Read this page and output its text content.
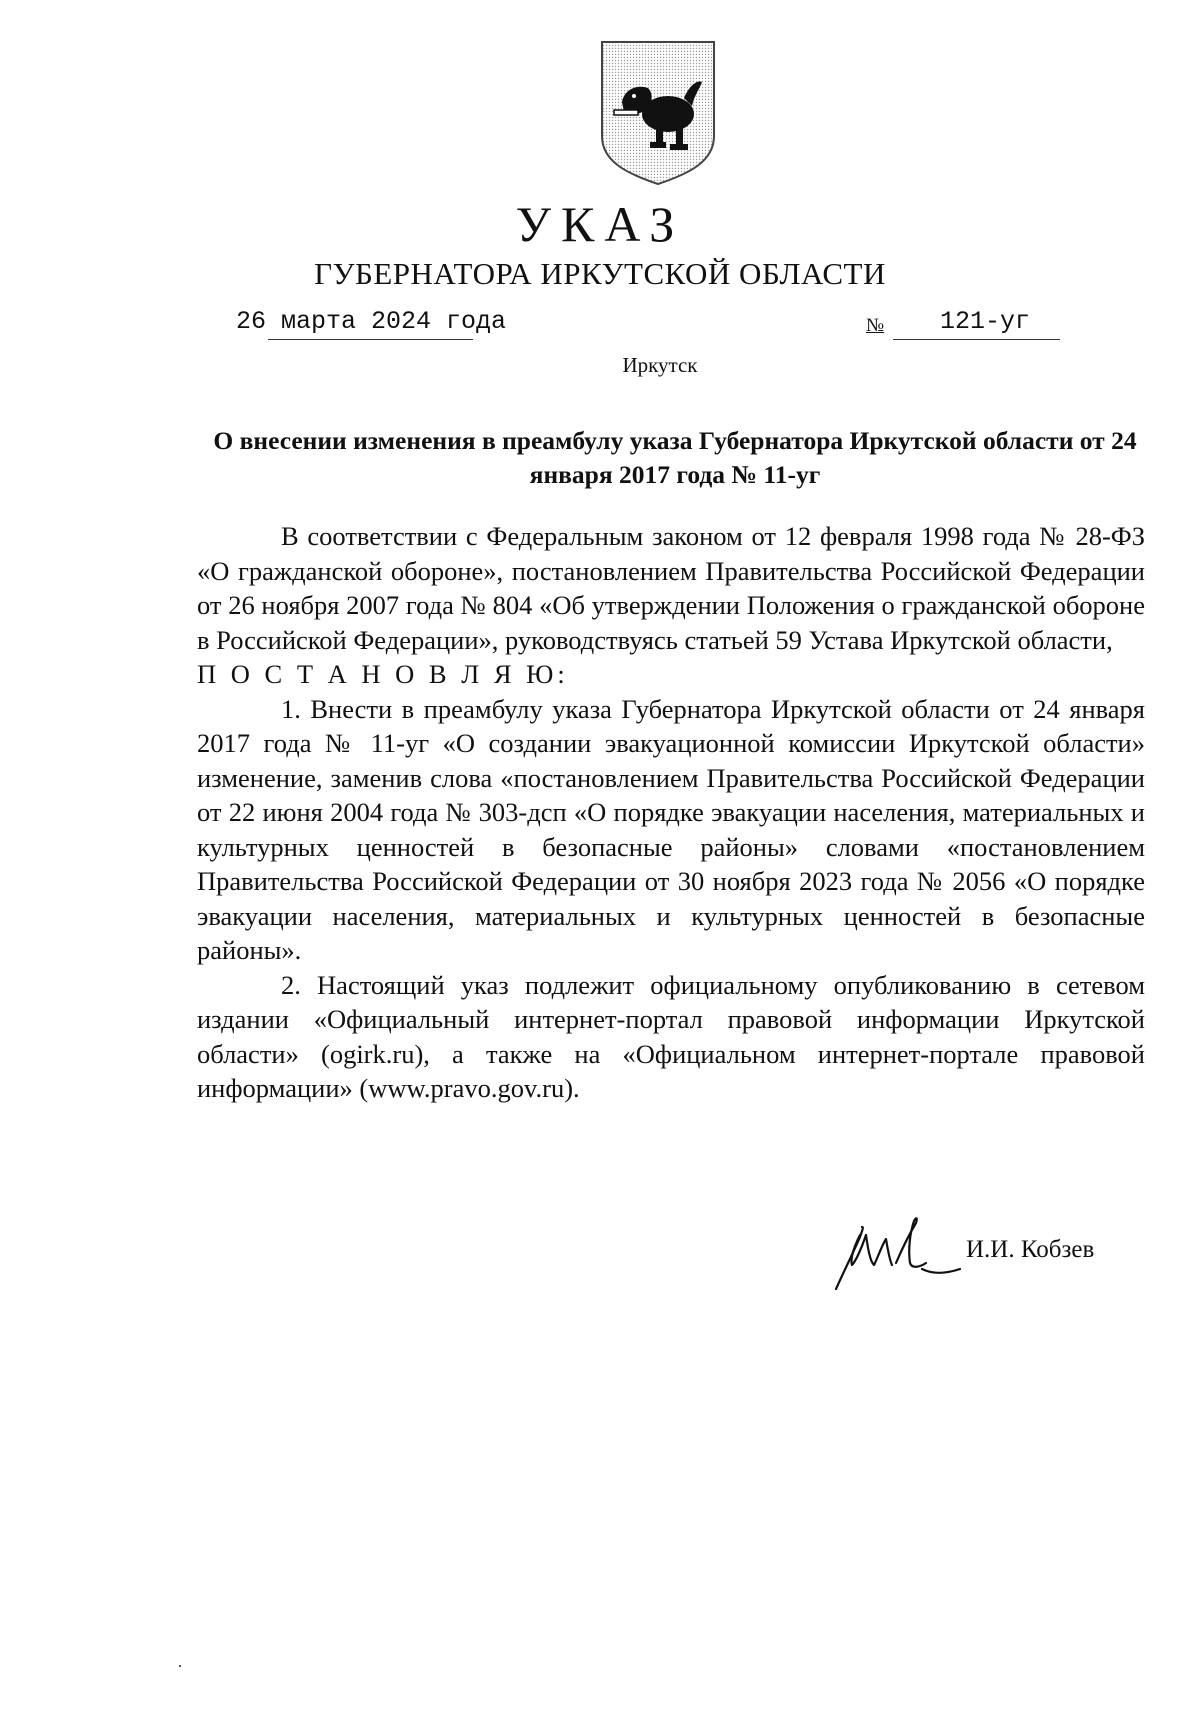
УКАЗ
ГУБЕРНАТОРА ИРКУТСКОЙ ОБЛАСТИ
26 марта 2024 года	№ 121-уг
Иркутск
О внесении изменения в преамбулу указа Губернатора Иркутской области от 24 января 2017 года № 11-уг

В соответствии с Федеральным законом от 12 февраля 1998 года № 28-ФЗ «О гражданской обороне», постановлением Правительства Российской Федерации от 26 ноября 2007 года № 804 «Об утверждении Положения о гражданской обороне в Российской Федерации», руководствуясь статьей 59 Устава Иркутской области,

П О С Т А Н О В Л Я Ю:

1. Внести в преамбулу указа Губернатора Иркутской области от 24 января 2017 года № 11-уг «О создании эвакуационной комиссии Иркутской области» изменение, заменив слова «постановлением Правительства Российской Федерации от 22 июня 2004 года № 303-дсп «О порядке эвакуации населения, материальных и культурных ценностей в безопасные районы» словами «постановлением Правительства Российской Федерации от 30 ноября 2023 года № 2056 «О порядке эвакуации населения, материальных и культурных ценностей в безопасные районы».

2. Настоящий указ подлежит официальному опубликованию в сетевом издании «Официальный интернет-портал правовой информации Иркутской области» (ogirk.ru), а также на «Официальном интернет-портале правовой информации» (www.pravo.gov.ru).

И.И. Кобзев
